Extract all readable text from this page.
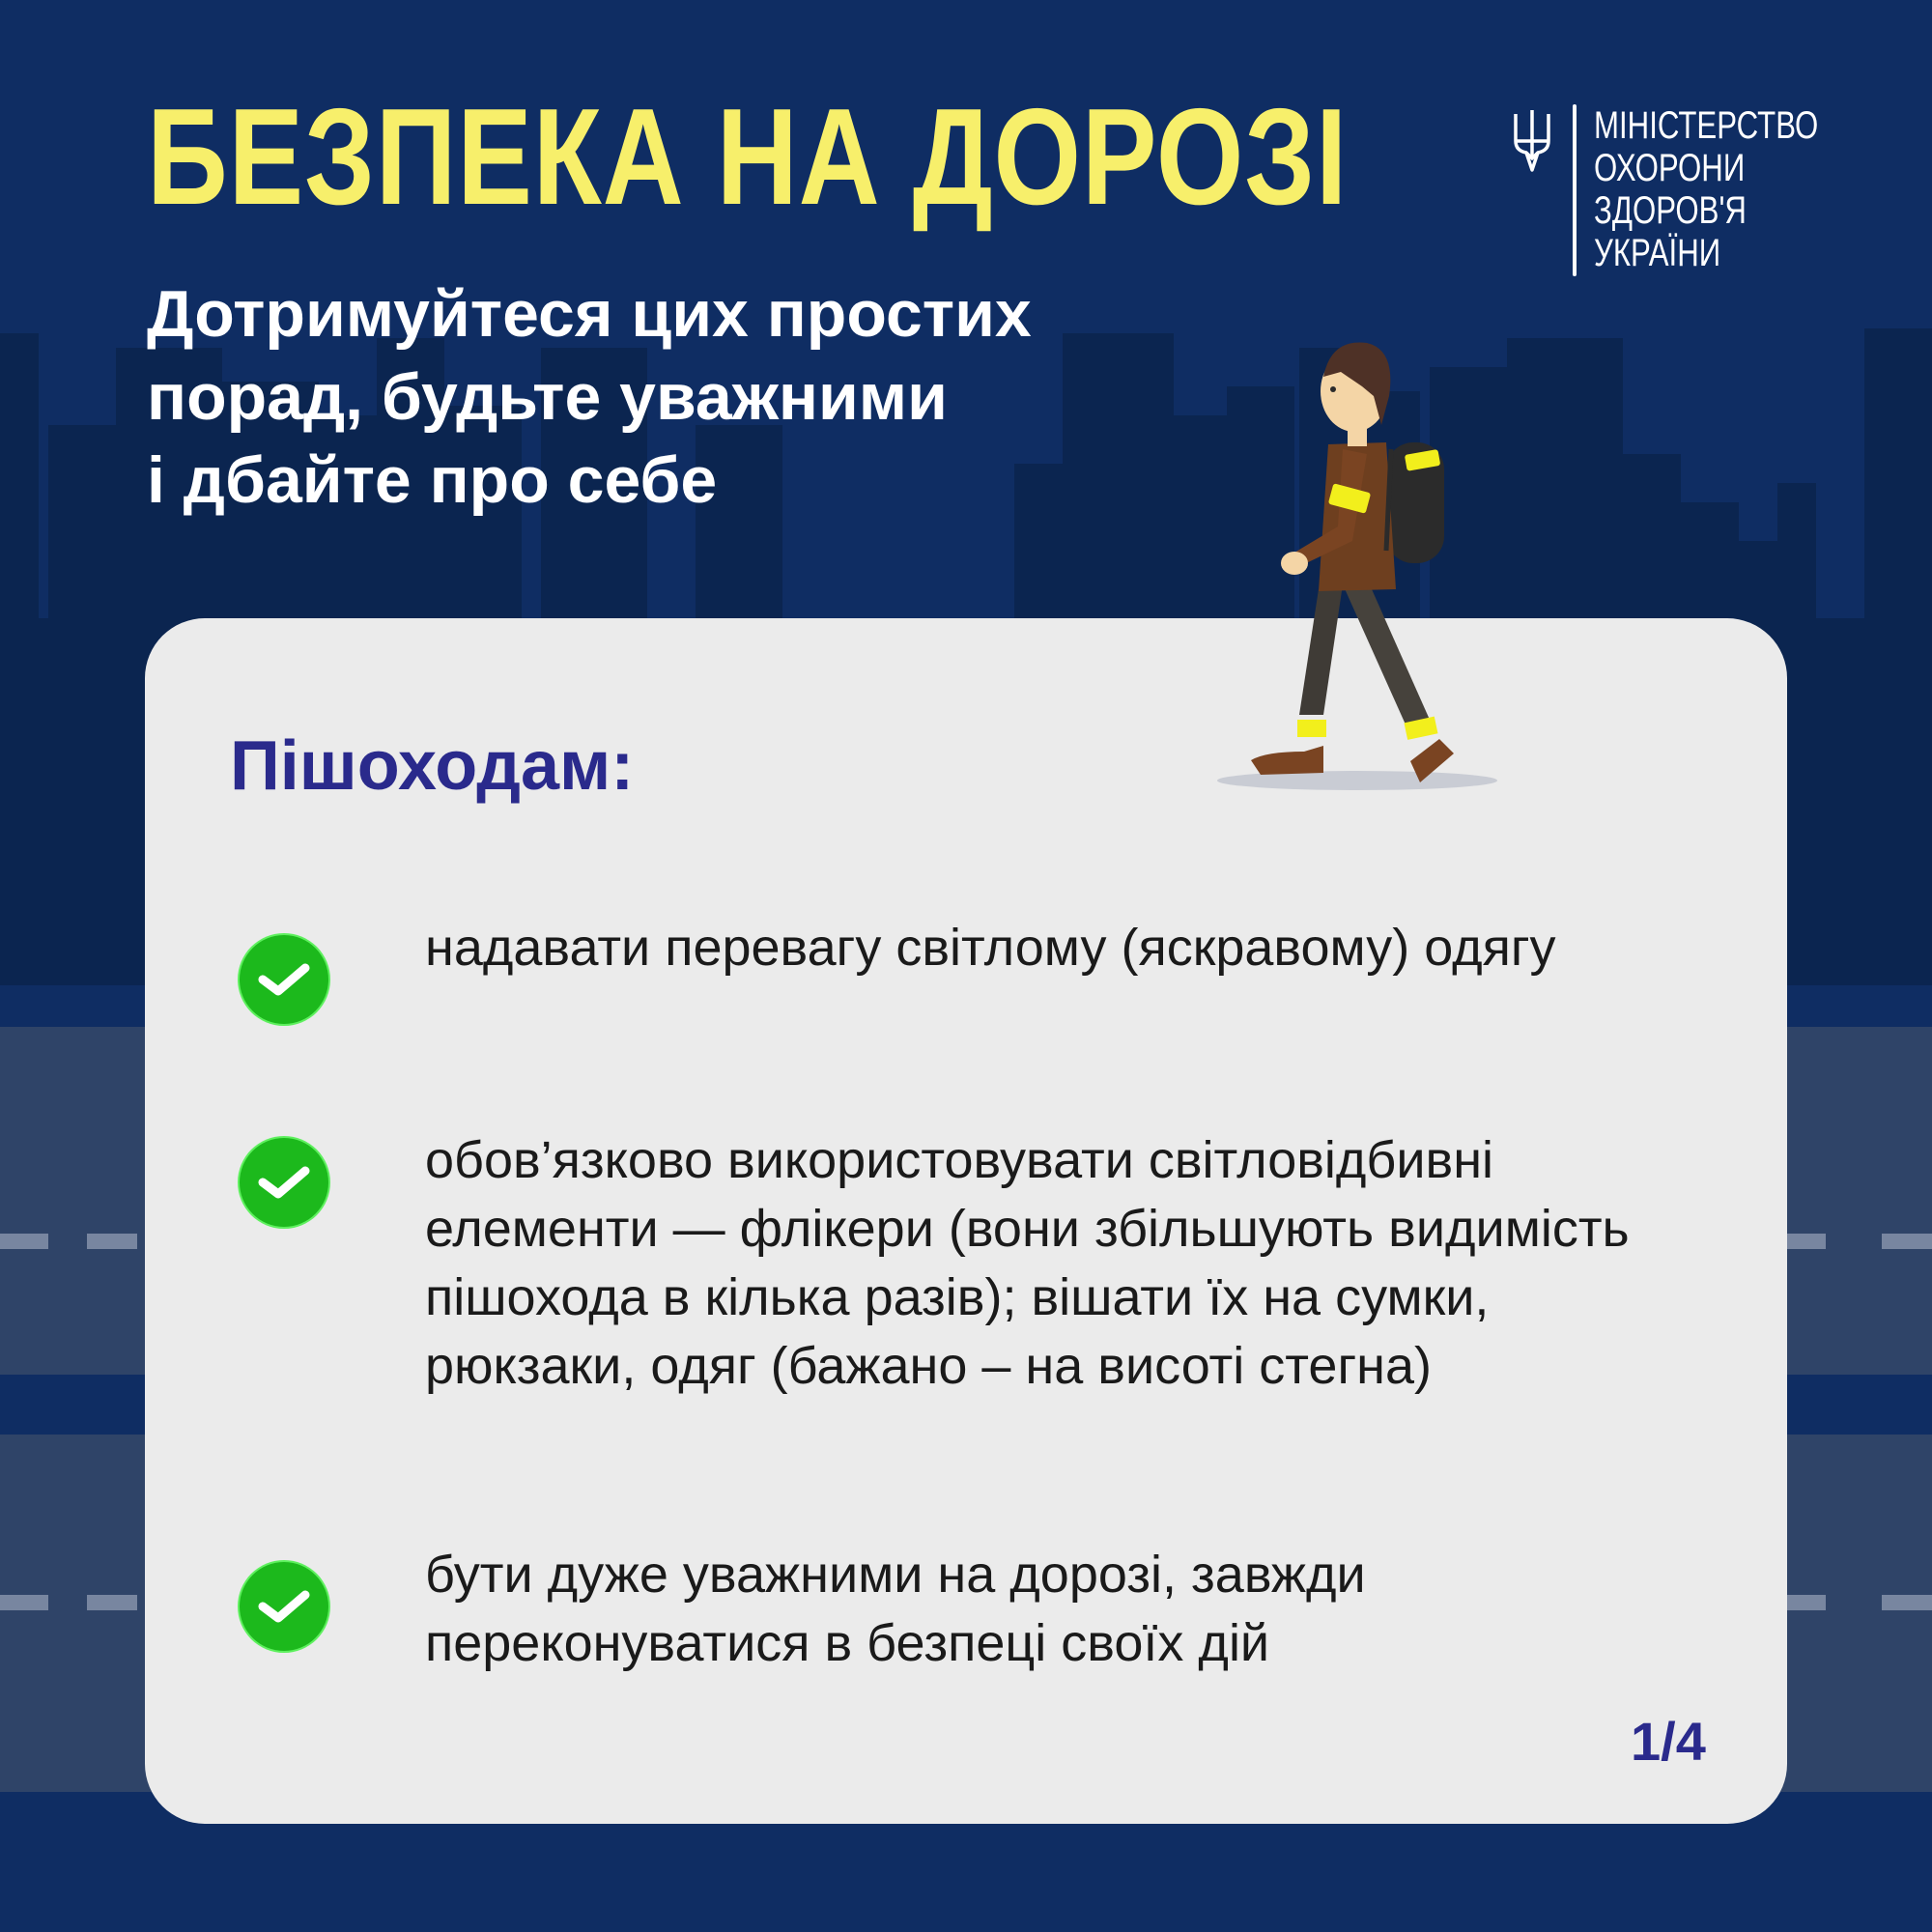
БЕЗПЕКА НА ДОРОЗІ
Дотримуйтеся цих простих
порад, будьте уважними
і дбайте про себе
МІНІСТЕРСТВО
ОХОРОНИ
ЗДОРОВ'Я
УКРАЇНИ
Пішоходам:
надавати перевагу світлому (яскравому) одягу
обов’язково використовувати світловідбивні елементи — флікери (вони збільшують видимість пішохода в кілька разів); вішати їх на сумки, рюкзаки, одяг (бажано – на висоті стегна)
бути дуже уважними на дорозі, завжди переконуватися в безпеці своїх дій
1/4
